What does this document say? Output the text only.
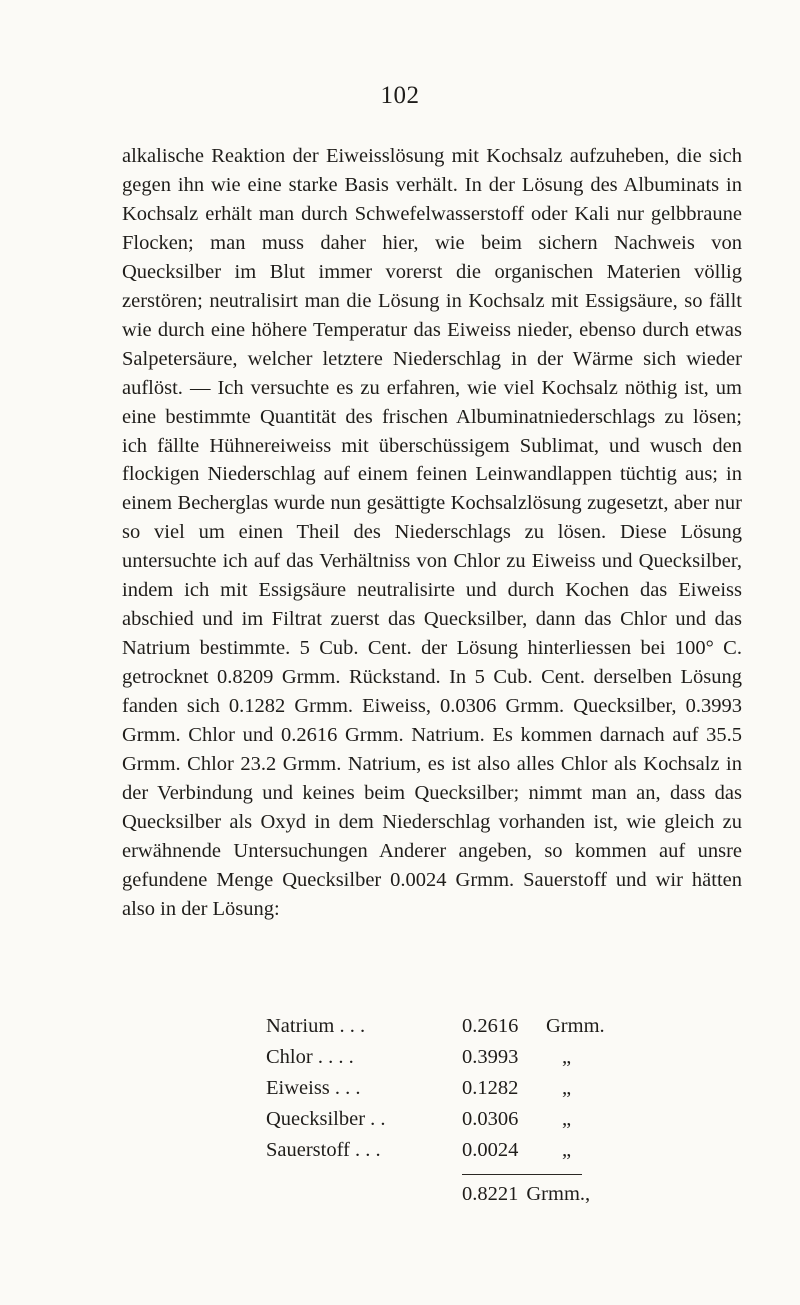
102

alkalische Reaktion der Eiweisslösung mit Kochsalz aufzuheben, die sich gegen ihn wie eine starke Basis verhält. In der Lösung des Albuminats in Kochsalz erhält man durch Schwefelwasserstoff oder Kali nur gelbbraune Flocken; man muss daher hier, wie beim sichern Nachweis von Quecksilber im Blut immer vorerst die organischen Materien völlig zerstören; neutralisirt man die Lösung in Kochsalz mit Essigsäure, so fällt wie durch eine höhere Temperatur das Eiweiss nieder, ebenso durch etwas Salpetersäure, welcher letztere Niederschlag in der Wärme sich wieder auflöst. — Ich versuchte es zu erfahren, wie viel Kochsalz nöthig ist, um eine bestimmte Quantität des frischen Albuminatniederschlags zu lösen; ich fällte Hühnereiweiss mit überschüssigem Sublimat, und wusch den flockigen Niederschlag auf einem feinen Leinwandlappen tüchtig aus; in einem Becherglas wurde nun gesättigte Kochsalzlösung zugesetzt, aber nur so viel um einen Theil des Niederschlags zu lösen. Diese Lösung untersuchte ich auf das Verhältniss von Chlor zu Eiweiss und Quecksilber, indem ich mit Essigsäure neutralisirte und durch Kochen das Eiweiss abschied und im Filtrat zuerst das Quecksilber, dann das Chlor und das Natrium bestimmte. 5 Cub. Cent. der Lösung hinterliessen bei 100° C. getrocknet 0.8209 Grmm. Rückstand. In 5 Cub. Cent. derselben Lösung fanden sich 0.1282 Grmm. Eiweiss, 0.0306 Grmm. Quecksilber, 0.3993 Grmm. Chlor und 0.2616 Grmm. Natrium. Es kommen darnach auf 35.5 Grmm. Chlor 23.2 Grmm. Natrium, es ist also alles Chlor als Kochsalz in der Verbindung und keines beim Quecksilber; nimmt man an, dass das Quecksilber als Oxyd in dem Niederschlag vorhanden ist, wie gleich zu erwähnende Untersuchungen Anderer angeben, so kommen auf unsre gefundene Menge Quecksilber 0.0024 Grmm. Sauerstoff und wir hätten also in der Lösung:

Natrium . . .	0.2616	Grmm.
Chlor . . . .	0.3993	„
Eiweiss . . .	0.1282	„
Quecksilber . .	0.0306	„
Sauerstoff . . .	0.0024	„
0.8221 Grmm.,
